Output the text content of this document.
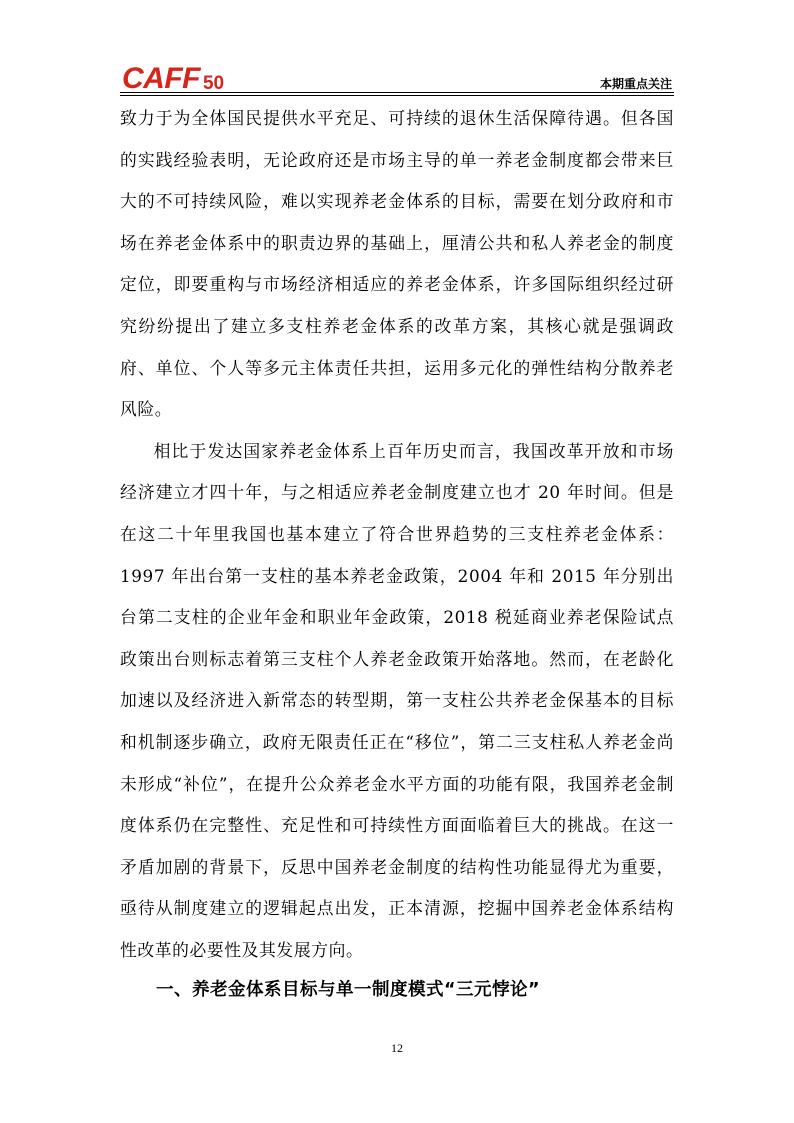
CAFF 50	本期重点关注

致力于为全体国民提供水平充足、可持续的退休生活保障待遇。但各国的实践经验表明，无论政府还是市场主导的单一养老金制度都会带来巨大的不可持续风险，难以实现养老金体系的目标，需要在划分政府和市场在养老金体系中的职责边界的基础上，厘清公共和私人养老金的制度定位，即要重构与市场经济相适应的养老金体系，许多国际组织经过研究纷纷提出了建立多支柱养老金体系的改革方案，其核心就是强调政府、单位、个人等多元主体责任共担，运用多元化的弹性结构分散养老风险。

相比于发达国家养老金体系上百年历史而言，我国改革开放和市场经济建立才四十年，与之相适应养老金制度建立也才 20 年时间。但是在这二十年里我国也基本建立了符合世界趋势的三支柱养老金体系：1997 年出台第一支柱的基本养老金政策，2004 年和 2015 年分别出台第二支柱的企业年金和职业年金政策，2018 税延商业养老保险试点政策出台则标志着第三支柱个人养老金政策开始落地。然而，在老龄化加速以及经济进入新常态的转型期，第一支柱公共养老金保基本的目标和机制逐步确立，政府无限责任正在“移位”，第二三支柱私人养老金尚未形成“补位”，在提升公众养老金水平方面的功能有限，我国养老金制度体系仍在完整性、充足性和可持续性方面面临着巨大的挑战。在这一矛盾加剧的背景下，反思中国养老金制度的结构性功能显得尤为重要，亟待从制度建立的逻辑起点出发，正本清源，挖掘中国养老金体系结构性改革的必要性及其发展方向。

一、养老金体系目标与单一制度模式“三元悖论”
12
